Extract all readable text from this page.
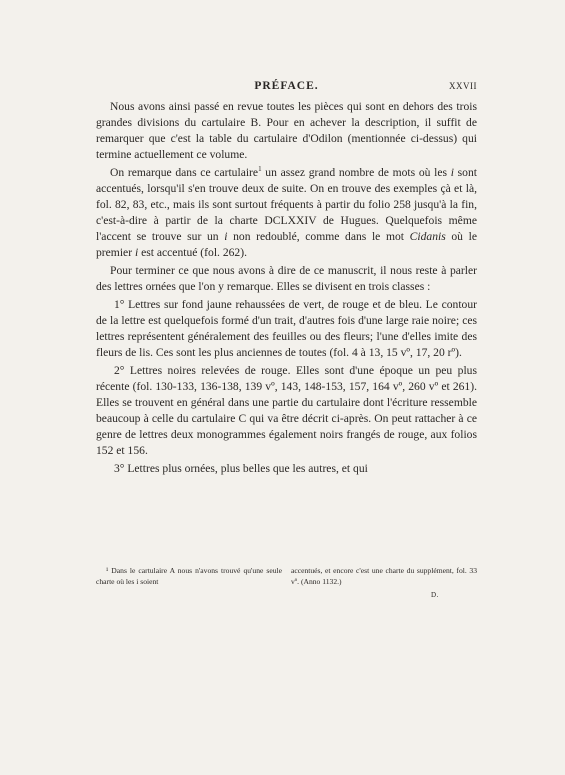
PRÉFACE.	XXVII

Nous avons ainsi passé en revue toutes les pièces qui sont en dehors des trois grandes divisions du cartulaire B. Pour en achever la description, il suffit de remarquer que c'est la table du cartulaire d'Odilon (mentionnée ci-dessus) qui termine actuellement ce volume.

On remarque dans ce cartulaire$^1$ un assez grand nombre de mots où les i sont accentués, lorsqu'il s'en trouve deux de suite. On en trouve des exemples çà et là, fol. 82, 83, etc., mais ils sont surtout fréquents à partir du folio 258 jusqu'à la fin, c'est-à-dire à partir de la charte DCLXXIV de Hugues. Quelquefois même l'accent se trouve sur un i non redoublé, comme dans le mot Cidanis où le premier i est accentué (fol. 262).

Pour terminer ce que nous avons à dire de ce manuscrit, il nous reste à parler des lettres ornées que l'on y remarque. Elles se divisent en trois classes :

1° Lettres sur fond jaune rehaussées de vert, de rouge et de bleu. Le contour de la lettre est quelquefois formé d'un trait, d'autres fois d'une large raie noire; ces lettres représentent généralement des feuilles ou des fleurs; l'une d'elles imite des fleurs de lis. Ces sont les plus anciennes de toutes (fol. 4 à 13, 15 vº, 17, 20 rº).

2° Lettres noires relevées de rouge. Elles sont d'une époque un peu plus récente (fol. 130-133, 136-138, 139 vº, 143, 148-153, 157, 164 vº, 260 vº et 261). Elles se trouvent en général dans une partie du cartulaire dont l'écriture ressemble beaucoup à celle du cartulaire C qui va être décrit ci-après. On peut rattacher à ce genre de lettres deux monogrammes également noirs frangés de rouge, aux folios 152 et 156.

3° Lettres plus ornées, plus belles que les autres, et qui

¹ Dans le cartulaire A nous n'avons trouvé qu'une seule charte où les i soient
accentués, et encore c'est une charte du supplément, fol. 33 vº. (Anno 1132.)
D.
